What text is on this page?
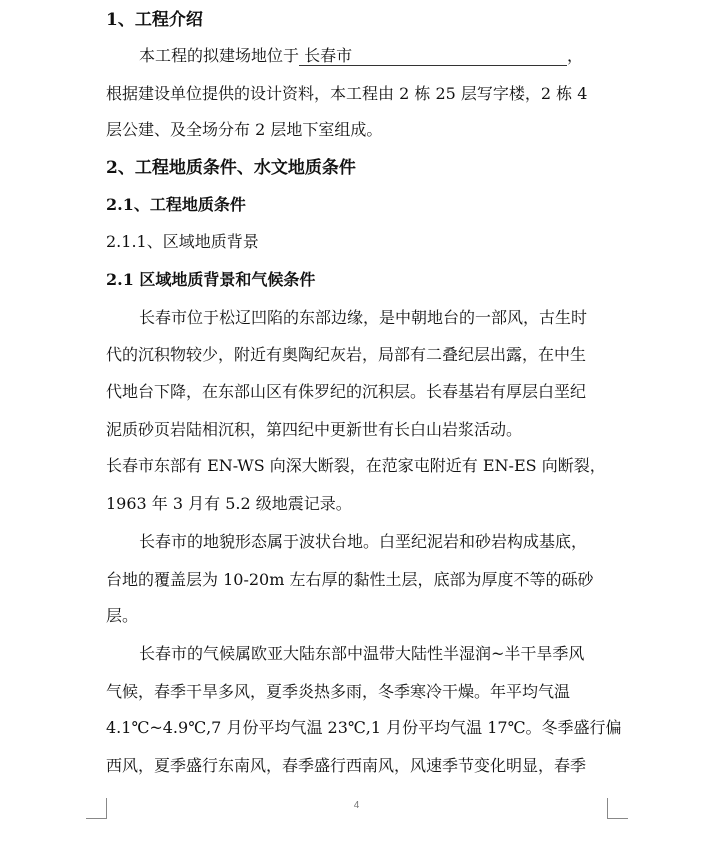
1、工程介绍
本工程的拟建场地位于 长春市	，
根据建设单位提供的设计资料，本工程由 2 栋 25 层写字楼，2 栋 4
层公建、及全场分布 2 层地下室组成。
2、工程地质条件、水文地质条件
2.1、工程地质条件
2.1.1、区域地质背景
2.1 区域地质背景和气候条件
长春市位于松辽凹陷的东部边缘，是中朝地台的一部风，古生时
代的沉积物较少，附近有奥陶纪灰岩，局部有二叠纪层出露，在中生
代地台下降，在东部山区有侏罗纪的沉积层。长春基岩有厚层白垩纪
泥质砂页岩陆相沉积，第四纪中更新世有长白山岩浆活动。
长春市东部有 EN-WS 向深大断裂，在范家屯附近有 EN-ES 向断裂，
1963 年 3 月有 5.2 级地震记录。
长春市的地貌形态属于波状台地。白垩纪泥岩和砂岩构成基底，
台地的覆盖层为 10-20m 左右厚的黏性土层，底部为厚度不等的砾砂
层。
长春市的气候属欧亚大陆东部中温带大陆性半湿润~半干旱季风
气候，春季干旱多风，夏季炎热多雨，冬季寒冷干燥。年平均气温
4.1℃~4.9℃,7 月份平均气温 23℃,1 月份平均气温 17℃。冬季盛行偏
西风，夏季盛行东南风，春季盛行西南风，风速季节变化明显，春季
4
